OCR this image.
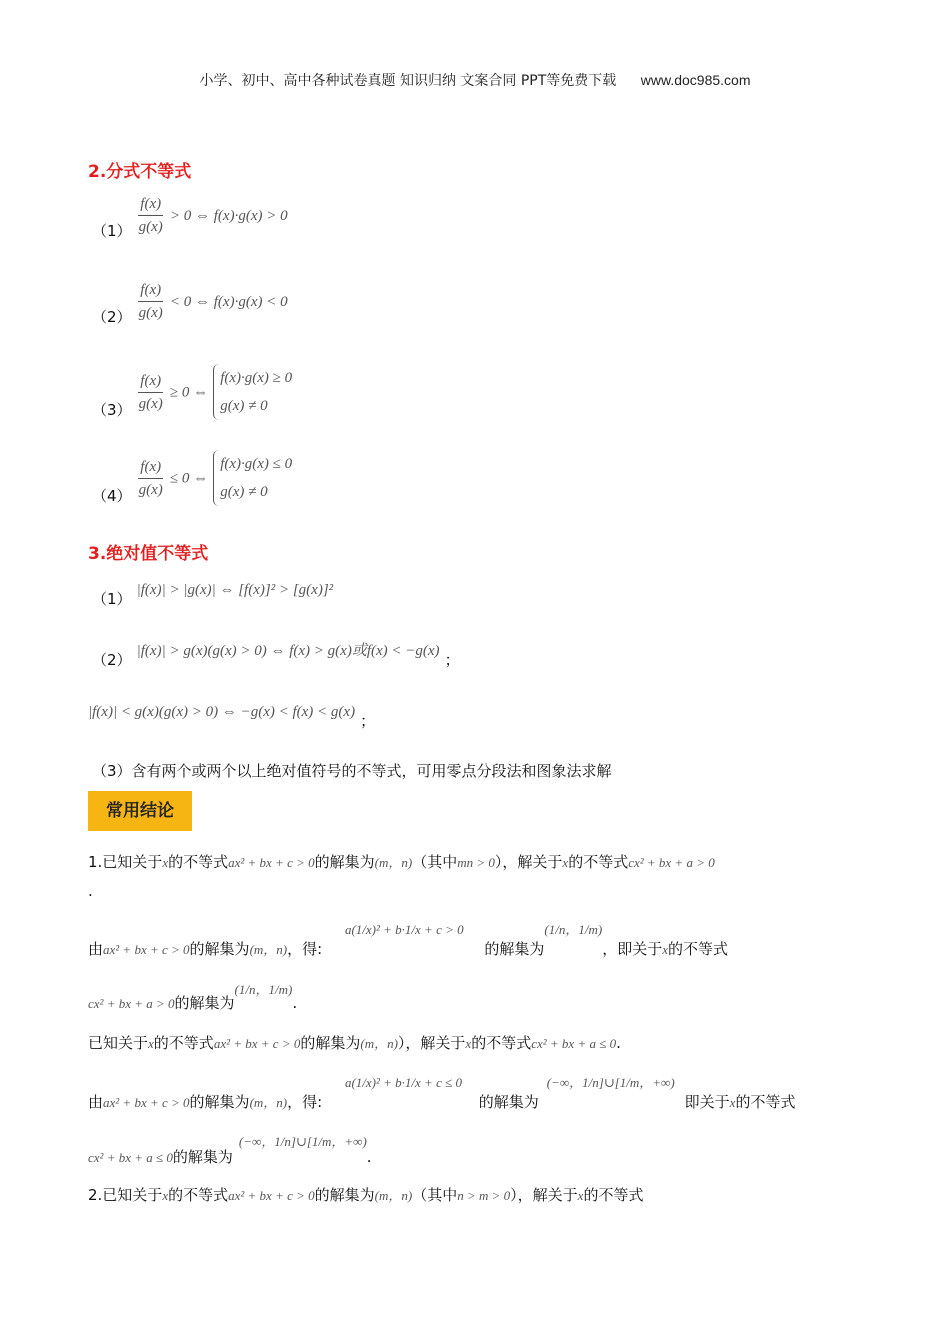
小学、初中、高中各种试卷真题 知识归纳 文案合同 PPT等免费下载 www.doc985.com
2.分式不等式
$(1) \frac{f(x)}{g(x)} > 0$ ⇔ f(x)·g(x) > 0
$(2) \frac{f(x)}{g(x)} < 0$ ⇔ f(x)·g(x) < 0
$(3) \frac{f(x)}{g(x)} \ge 0$ ⇔
f(x)·g(x) ≥ 0
g(x) ≠ 0
$(4) \frac{f(x)}{g(x)} \le 0$ ⇔
f(x)·g(x) ≤ 0
g(x) ≠ 0
3.绝对值不等式
（1） |f(x)| > |g(x)| ⇔ [f(x)]² > [g(x)]²
（2） |f(x)| > g(x)(g(x) > 0) ⇔ f(x) > g(x)或f(x) < −g(x) ；
|f(x)| < g(x)(g(x) > 0) ⇔ −g(x) < f(x) < g(x) ；
（3）含有两个或两个以上绝对值符号的不等式，可用零点分段法和图象法求解
常用结论
1.已知关于x的不等式ax² + bx + c > 0的解集为(m，n)（其中mn > 0），解关于x的不等式cx² + bx + a > 0
.
由ax² + bx + c > 0的解集为(m，n)，得: a(1/x)² + b·1/x + c > 0 的解集为(1/n，1/m)，即关于x的不等式
cx² + bx + a > 0的解集为(1/n，1/m).
已知关于x的不等式ax² + bx + c > 0的解集为(m，n)），解关于x的不等式cx² + bx + a ≤ 0.
由ax² + bx + c > 0的解集为(m，n)，得: a(1/x)² + b·1/x + c ≤ 0 的解集为(−∞，1/n]∪[1/m，+∞)即关于x的不等式
cx² + bx + a ≤ 0的解集为(−∞，1/n]∪[1/m，+∞).
2.已知关于x的不等式ax² + bx + c > 0的解集为(m，n)（其中n > m > 0），解关于x的不等式
